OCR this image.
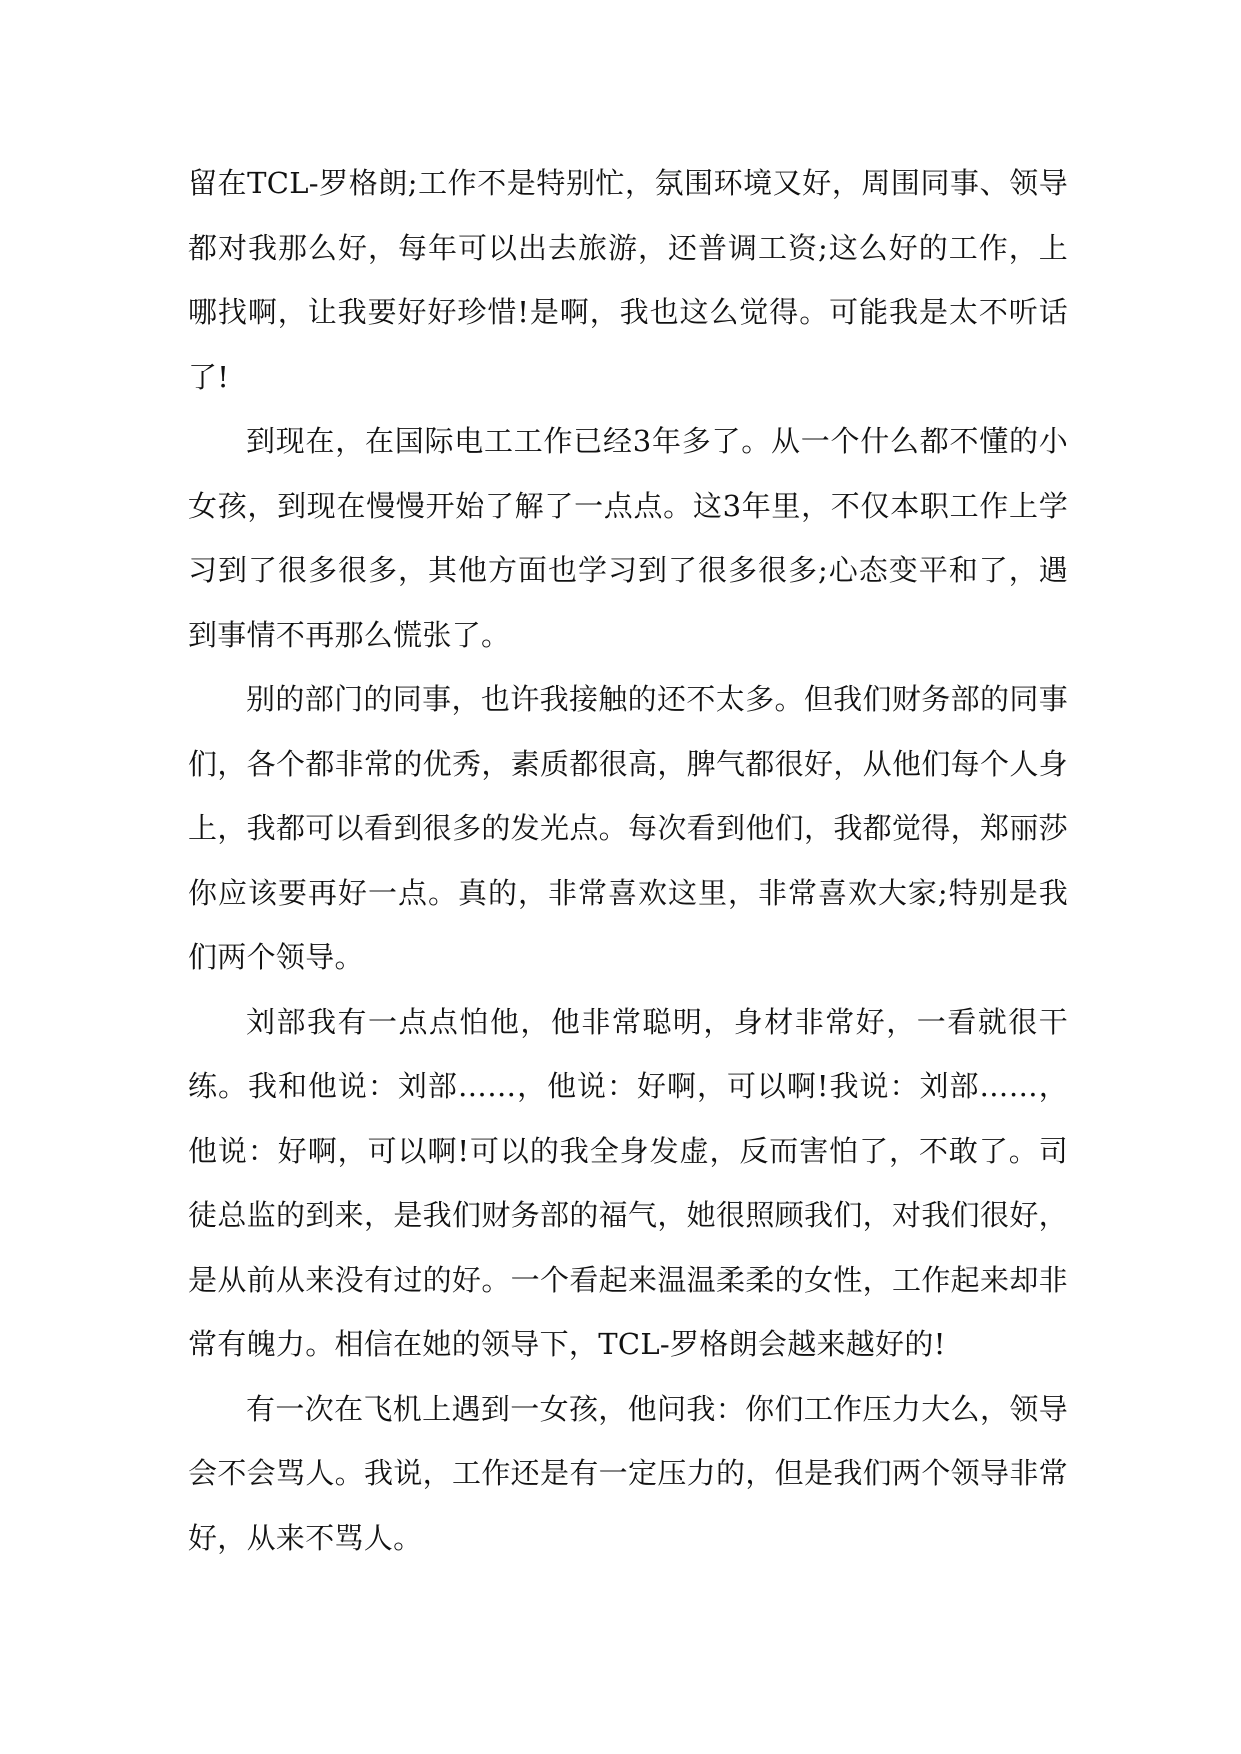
留在TCL-罗格朗;工作不是特别忙，氛围环境又好，周围同事、领导都对我那么好，每年可以出去旅游，还普调工资;这么好的工作，上哪找啊，让我要好好珍惜!是啊，我也这么觉得。可能我是太不听话了!

到现在，在国际电工工作已经3年多了。从一个什么都不懂的小女孩，到现在慢慢开始了解了一点点。这3年里，不仅本职工作上学习到了很多很多，其他方面也学习到了很多很多;心态变平和了，遇到事情不再那么慌张了。

别的部门的同事，也许我接触的还不太多。但我们财务部的同事们，各个都非常的优秀，素质都很高，脾气都很好，从他们每个人身上，我都可以看到很多的发光点。每次看到他们，我都觉得，郑丽莎你应该要再好一点。真的，非常喜欢这里，非常喜欢大家;特别是我们两个领导。

刘部我有一点点怕他，他非常聪明，身材非常好，一看就很干练。我和他说：刘部……，他说：好啊，可以啊!我说：刘部……，他说：好啊，可以啊!可以的我全身发虚，反而害怕了，不敢了。司徒总监的到来，是我们财务部的福气，她很照顾我们，对我们很好，是从前从来没有过的好。一个看起来温温柔柔的女性，工作起来却非常有魄力。相信在她的领导下，TCL-罗格朗会越来越好的!

有一次在飞机上遇到一女孩，他问我：你们工作压力大么，领导会不会骂人。我说，工作还是有一定压力的，但是我们两个领导非常好，从来不骂人。
